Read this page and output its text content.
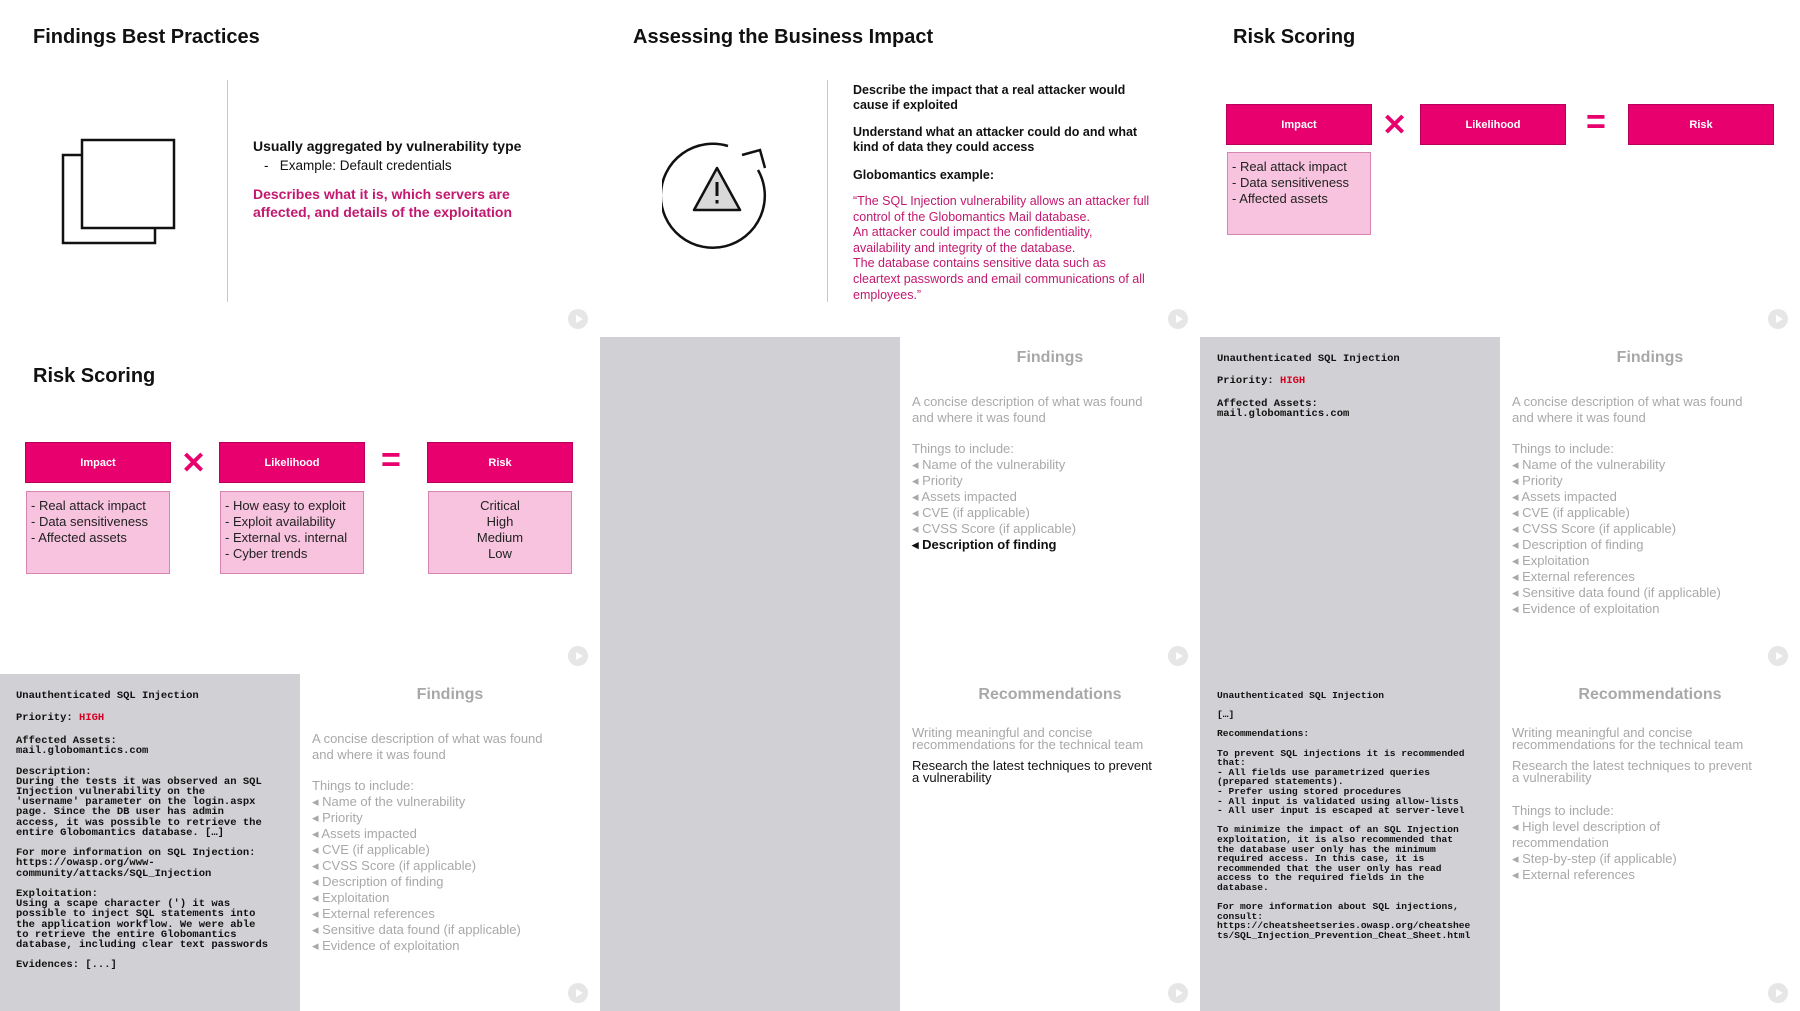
Findings Best Practices
Usually aggregated by vulnerability type
-   Example: Default credentials
Describes what it is, which servers are
affected, and details of the exploitation
Assessing the Business Impact
Describe the impact that a real attacker would
cause if exploited
Understand what an attacker could do and what
kind of data they could access
Globomantics example:
“The SQL Injection vulnerability allows an attacker full
control of the Globomantics Mail database.
An attacker could impact the confidentiality,
availability and integrity of the database.
The database contains sensitive data such as
cleartext passwords and email communications of all
employees.”
Risk Scoring
Impact	✕	Likelihood	=	Risk
- Real attack impact
- Data sensitiveness
- Affected assets
Risk Scoring
Impact	✕	Likelihood	=	Risk
- Real attack impact
- Data sensitiveness
- Affected assets
- How easy to exploit
- Exploit availability
- External vs. internal
- Cyber trends
Critical
High
Medium
Low
Findings
A concise description of what was found
and where it was found
Things to include:
◂ Name of the vulnerability
◂ Priority
◂ Assets impacted
◂ CVE (if applicable)
◂ CVSS Score (if applicable)
◂ Description of finding
Unauthenticated SQL Injection
Priority: HIGH
Affected Assets:
mail.globomantics.com
Findings
A concise description of what was found
and where it was found
Things to include:
◂ Name of the vulnerability
◂ Priority
◂ Assets impacted
◂ CVE (if applicable)
◂ CVSS Score (if applicable)
◂ Description of finding
◂ Exploitation
◂ External references
◂ Sensitive data found (if applicable)
◂ Evidence of exploitation
Unauthenticated SQL Injection
Priority: HIGH
Affected Assets:
mail.globomantics.com

Description:
During the tests it was observed an SQL
Injection vulnerability on the
'username' parameter on the login.aspx
page. Since the DB user has admin
access, it was possible to retrieve the
entire Globomantics database. […]

For more information on SQL Injection:
https://owasp.org/www-
community/attacks/SQL_Injection

Exploitation:
Using a scape character (') it was
possible to inject SQL statements into
the application workflow. We were able
to retrieve the entire Globomantics
database, including clear text passwords

Evidences: [...]
Findings
A concise description of what was found
and where it was found
Things to include:
◂ Name of the vulnerability
◂ Priority
◂ Assets impacted
◂ CVE (if applicable)
◂ CVSS Score (if applicable)
◂ Description of finding
◂ Exploitation
◂ External references
◂ Sensitive data found (if applicable)
◂ Evidence of exploitation
Recommendations
Writing meaningful and concise
recommendations for the technical team
Research the latest techniques to prevent
a vulnerability
Unauthenticated SQL Injection

[…]

Recommendations:

To prevent SQL injections it is recommended
that:
- All fields use parametrized queries
(prepared statements).
- Prefer using stored procedures
- All input is validated using allow-lists
- All user input is escaped at server-level

To minimize the impact of an SQL Injection
exploitation, it is also recommended that
the database user only has the minimum
required access. In this case, it is
recommended that the user only has read
access to the required fields in the
database.

For more information about SQL injections,
consult:
https://cheatsheetseries.owasp.org/cheatshee
ts/SQL_Injection_Prevention_Cheat_Sheet.html
Recommendations
Writing meaningful and concise
recommendations for the technical team
Research the latest techniques to prevent
a vulnerability
Things to include:
◂ High level description of
recommendation
◂ Step-by-step (if applicable)
◂ External references
